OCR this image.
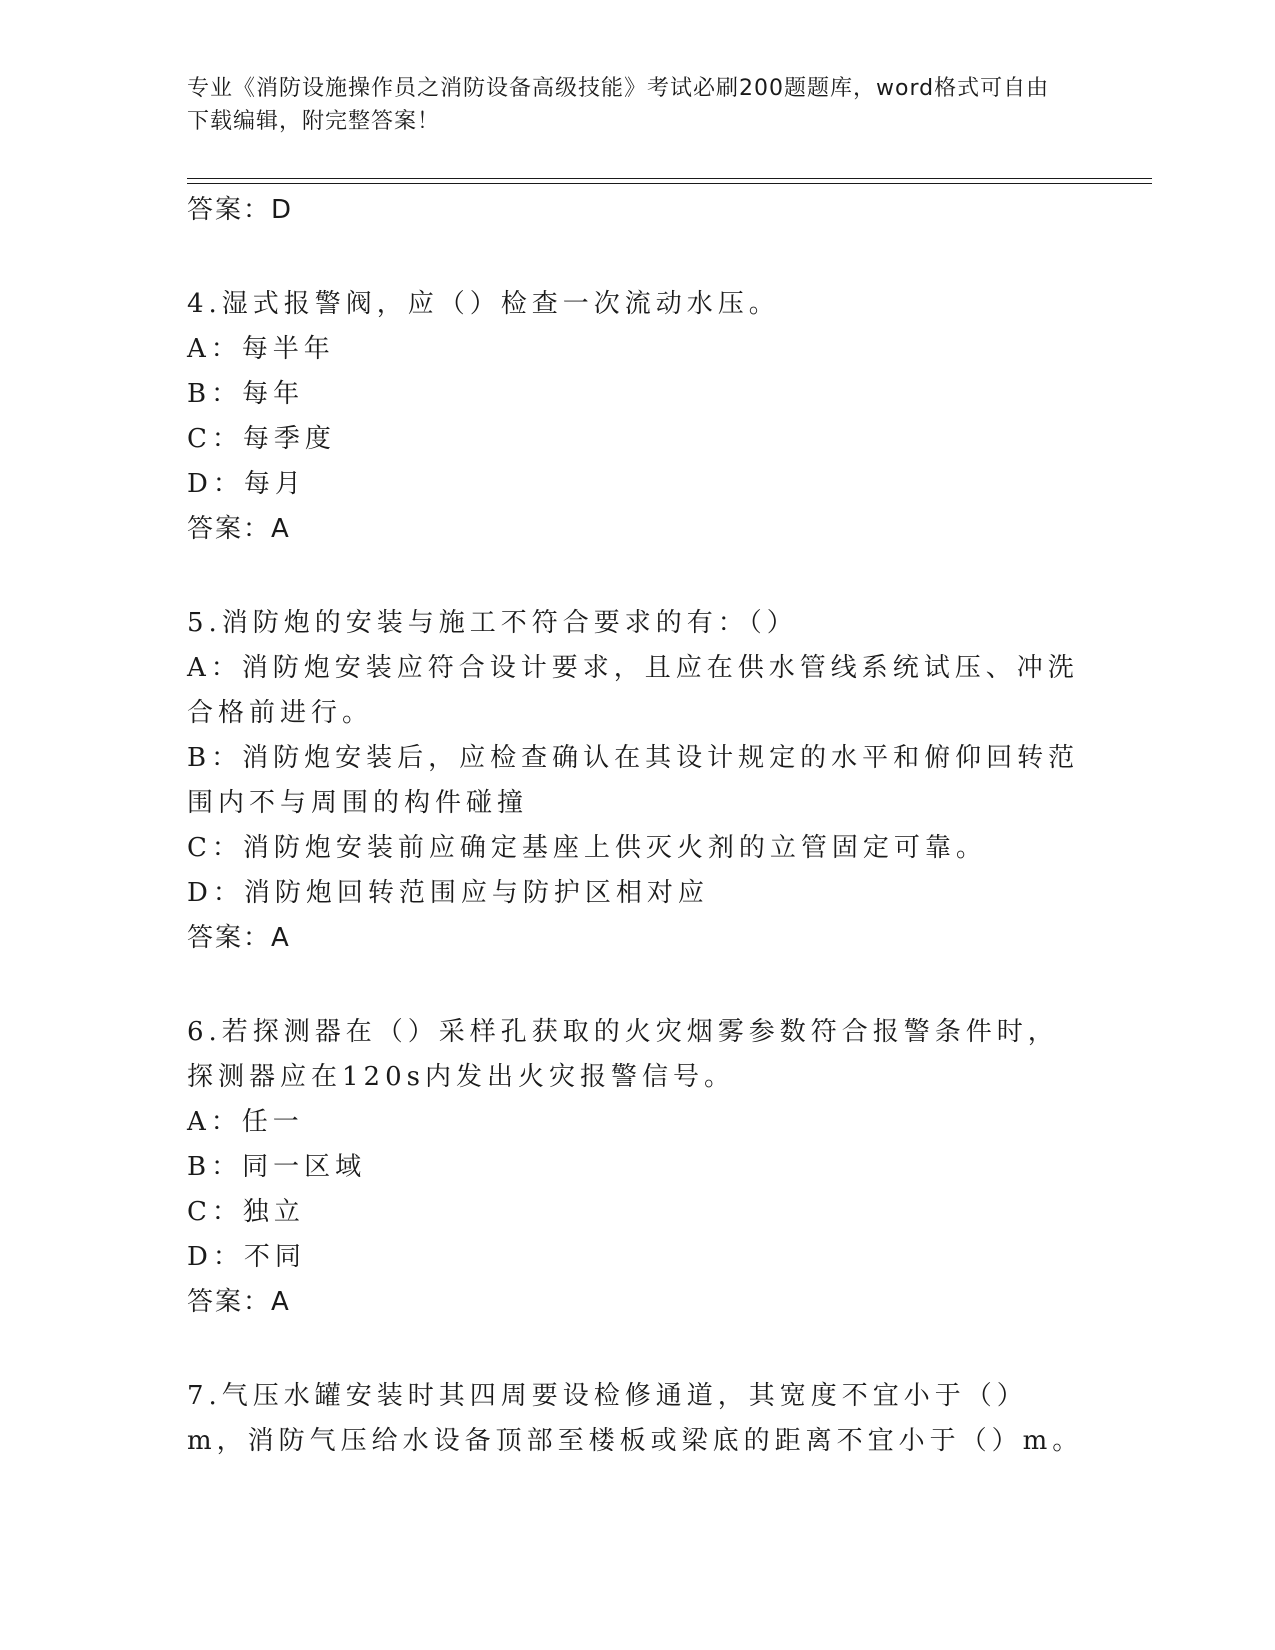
专业《消防设施操作员之消防设备高级技能》考试必刷200题题库，word格式可自由下载编辑，附完整答案！

答案：D

4.湿式报警阀，应（）检查一次流动水压。

A：每半年

B：每年

C：每季度

D：每月

答案：A

5.消防炮的安装与施工不符合要求的有：（）

A：消防炮安装应符合设计要求，且应在供水管线系统试压、冲洗合格前进行。

B：消防炮安装后，应检查确认在其设计规定的水平和俯仰回转范围内不与周围的构件碰撞

C：消防炮安装前应确定基座上供灭火剂的立管固定可靠。

D：消防炮回转范围应与防护区相对应

答案：A

6.若探测器在（）采样孔获取的火灾烟雾参数符合报警条件时，探测器应在120s内发出火灾报警信号。

A：任一

B：同一区域

C：独立

D：不同

答案：A

7.气压水罐安装时其四周要设检修通道，其宽度不宜小于（）m，消防气压给水设备顶部至楼板或梁底的距离不宜小于（）m。
